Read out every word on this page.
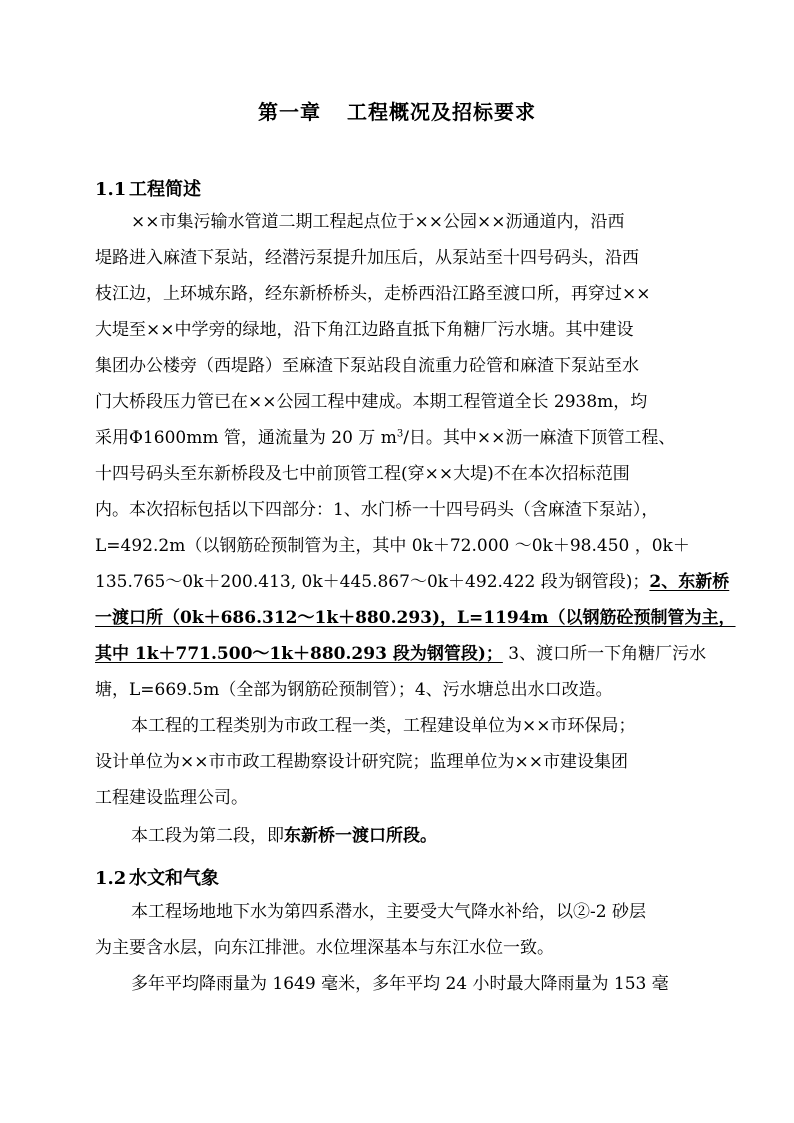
第一章 工程概况及招标要求
1.1 工程简述
××市集污输水管道二期工程起点位于××公园××沥通道内，沿西
堤路进入麻渣下泵站，经潜污泵提升加压后，从泵站至十四号码头，沿西
枝江边，上环城东路，经东新桥桥头，走桥西沿江路至渡口所，再穿过××
大堤至××中学旁的绿地，沿下角江边路直抵下角糖厂污水塘。其中建设
集团办公楼旁（西堤路）至麻渣下泵站段自流重力砼管和麻渣下泵站至水
门大桥段压力管已在××公园工程中建成。本期工程管道全长 2938m，均
采用Φ1600mm 管，通流量为 20 万 $m^3/$日。其中××沥一麻渣下顶管工程、
十四号码头至东新桥段及七中前顶管工程(穿××大堤)不在本次招标范围
内。本次招标包括以下四部分：1、水门桥一十四号码头（含麻渣下泵站），
L=492.2m（以钢筋砼预制管为主，其中 0k＋72.000 ～0k＋98.450 ，0k＋
135.765～0k＋200.413, 0k＋445.867～0k＋492.422 段为钢管段)；2、东新桥
一渡口所（0k＋686.312～1k＋880.293)，L=1194m（以钢筋砼预制管为主，
其中 1k＋771.500～1k＋880.293 段为钢管段)； 3、渡口所一下角糖厂污水
塘，L=669.5m（全部为钢筋砼预制管）；4、污水塘总出水口改造。
本工程的工程类别为市政工程一类，工程建设单位为××市环保局；
设计单位为××市市政工程勘察设计研究院；监理单位为××市建设集团
工程建设监理公司。
本工段为第二段，即东新桥一渡口所段。
1.2 水文和气象
本工程场地地下水为第四系潜水，主要受大气降水补给，以②-2 砂层
为主要含水层，向东江排泄。水位埋深基本与东江水位一致。
多年平均降雨量为 1649 毫米，多年平均 24 小时最大降雨量为 153 毫
